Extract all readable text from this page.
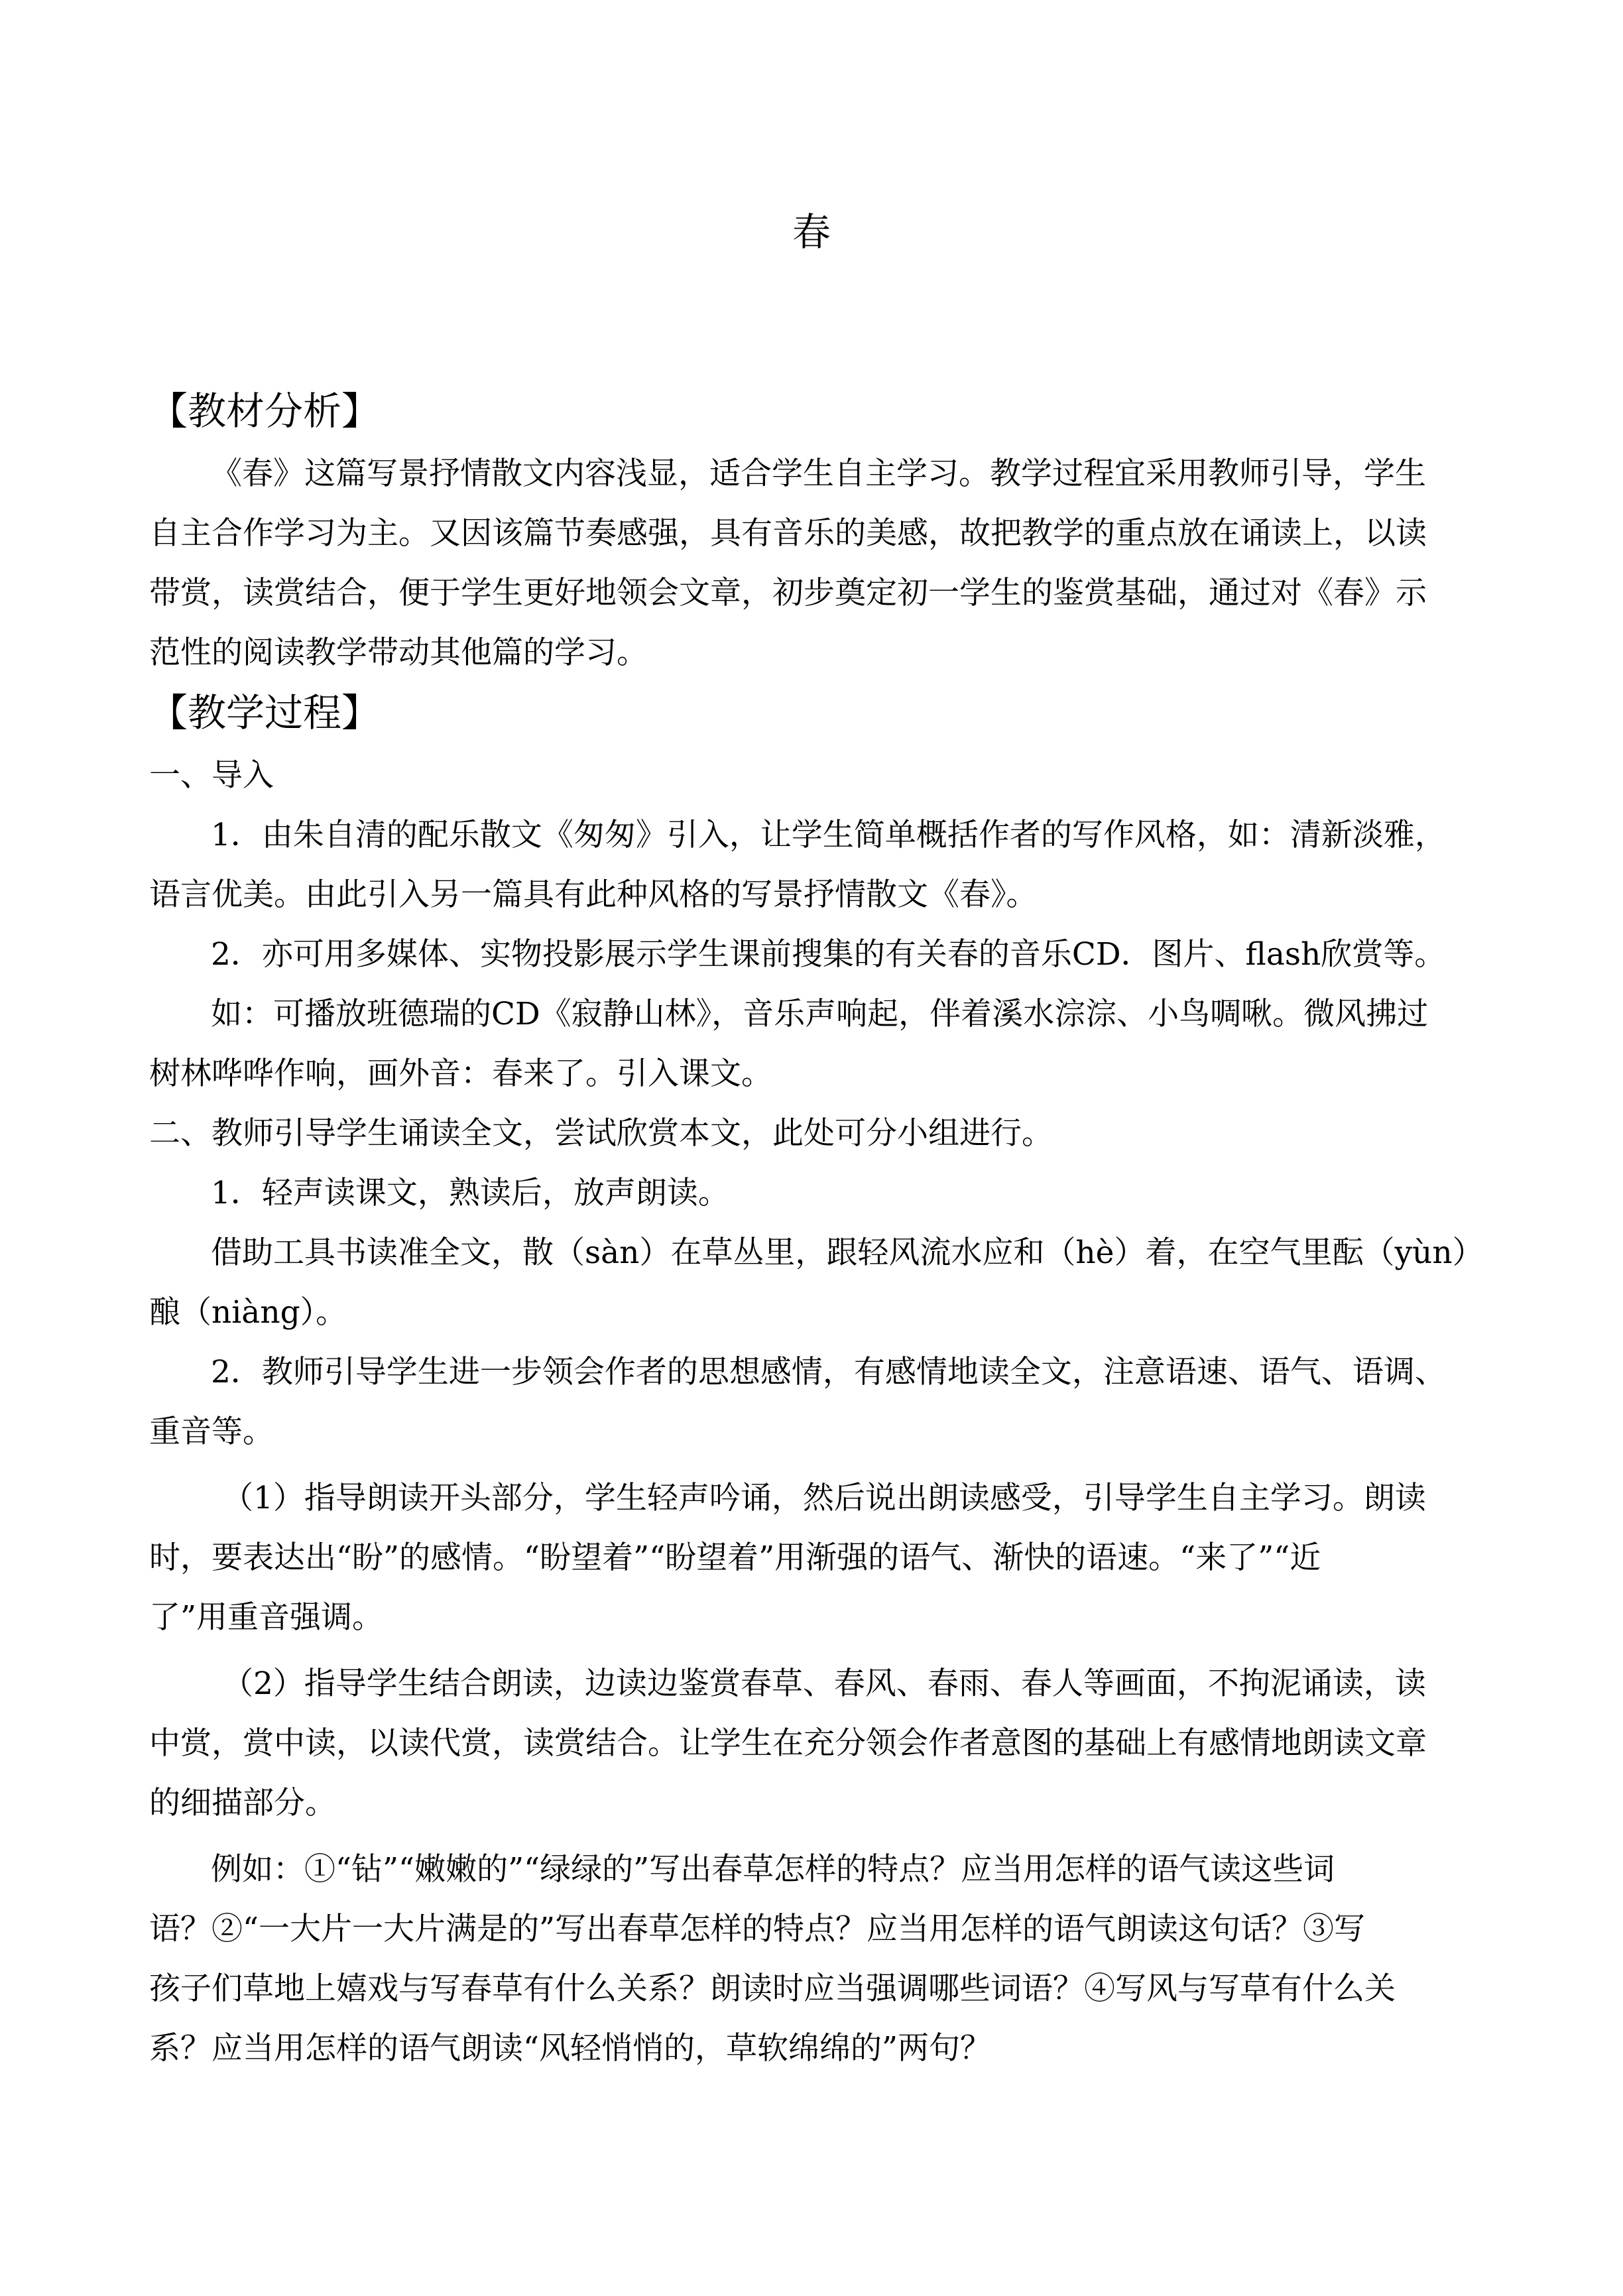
春
【教材分析】
《春》这篇写景抒情散文内容浅显，适合学生自主学习。教学过程宜采用教师引导，学生
自主合作学习为主。又因该篇节奏感强，具有音乐的美感，故把教学的重点放在诵读上，以读
带赏，读赏结合，便于学生更好地领会文章，初步奠定初一学生的鉴赏基础，通过对《春》示
范性的阅读教学带动其他篇的学习。
【教学过程】
一、导入
1．由朱自清的配乐散文《匆匆》引入，让学生简单概括作者的写作风格，如：清新淡雅，
语言优美。由此引入另一篇具有此种风格的写景抒情散文《春》。
2．亦可用多媒体、实物投影展示学生课前搜集的有关春的音乐CD．图片、flash欣赏等。
如：可播放班德瑞的CD《寂静山林》，音乐声响起，伴着溪水淙淙、小鸟啁啾。微风拂过
树林哗哗作响，画外音：春来了。引入课文。
二、教师引导学生诵读全文，尝试欣赏本文，此处可分小组进行。
1．轻声读课文，熟读后，放声朗读。
借助工具书读准全文，散（sàn）在草丛里，跟轻风流水应和（hè）着，在空气里酝（yùn）
酿（niàng）。
2．教师引导学生进一步领会作者的思想感情，有感情地读全文，注意语速、语气、语调、
重音等。
（1）指导朗读开头部分，学生轻声吟诵，然后说出朗读感受，引导学生自主学习。朗读
时，要表达出“盼”的感情。“盼望着”“盼望着”用渐强的语气、渐快的语速。“来了”“近
了”用重音强调。
（2）指导学生结合朗读，边读边鉴赏春草、春风、春雨、春人等画面，不拘泥诵读，读
中赏，赏中读，以读代赏，读赏结合。让学生在充分领会作者意图的基础上有感情地朗读文章
的细描部分。
例如：①“钻”“嫩嫩的”“绿绿的”写出春草怎样的特点？应当用怎样的语气读这些词
语？②“一大片一大片满是的”写出春草怎样的特点？应当用怎样的语气朗读这句话？③写
孩子们草地上嬉戏与写春草有什么关系？朗读时应当强调哪些词语？④写风与写草有什么关
系？应当用怎样的语气朗读“风轻悄悄的，草软绵绵的”两句？
